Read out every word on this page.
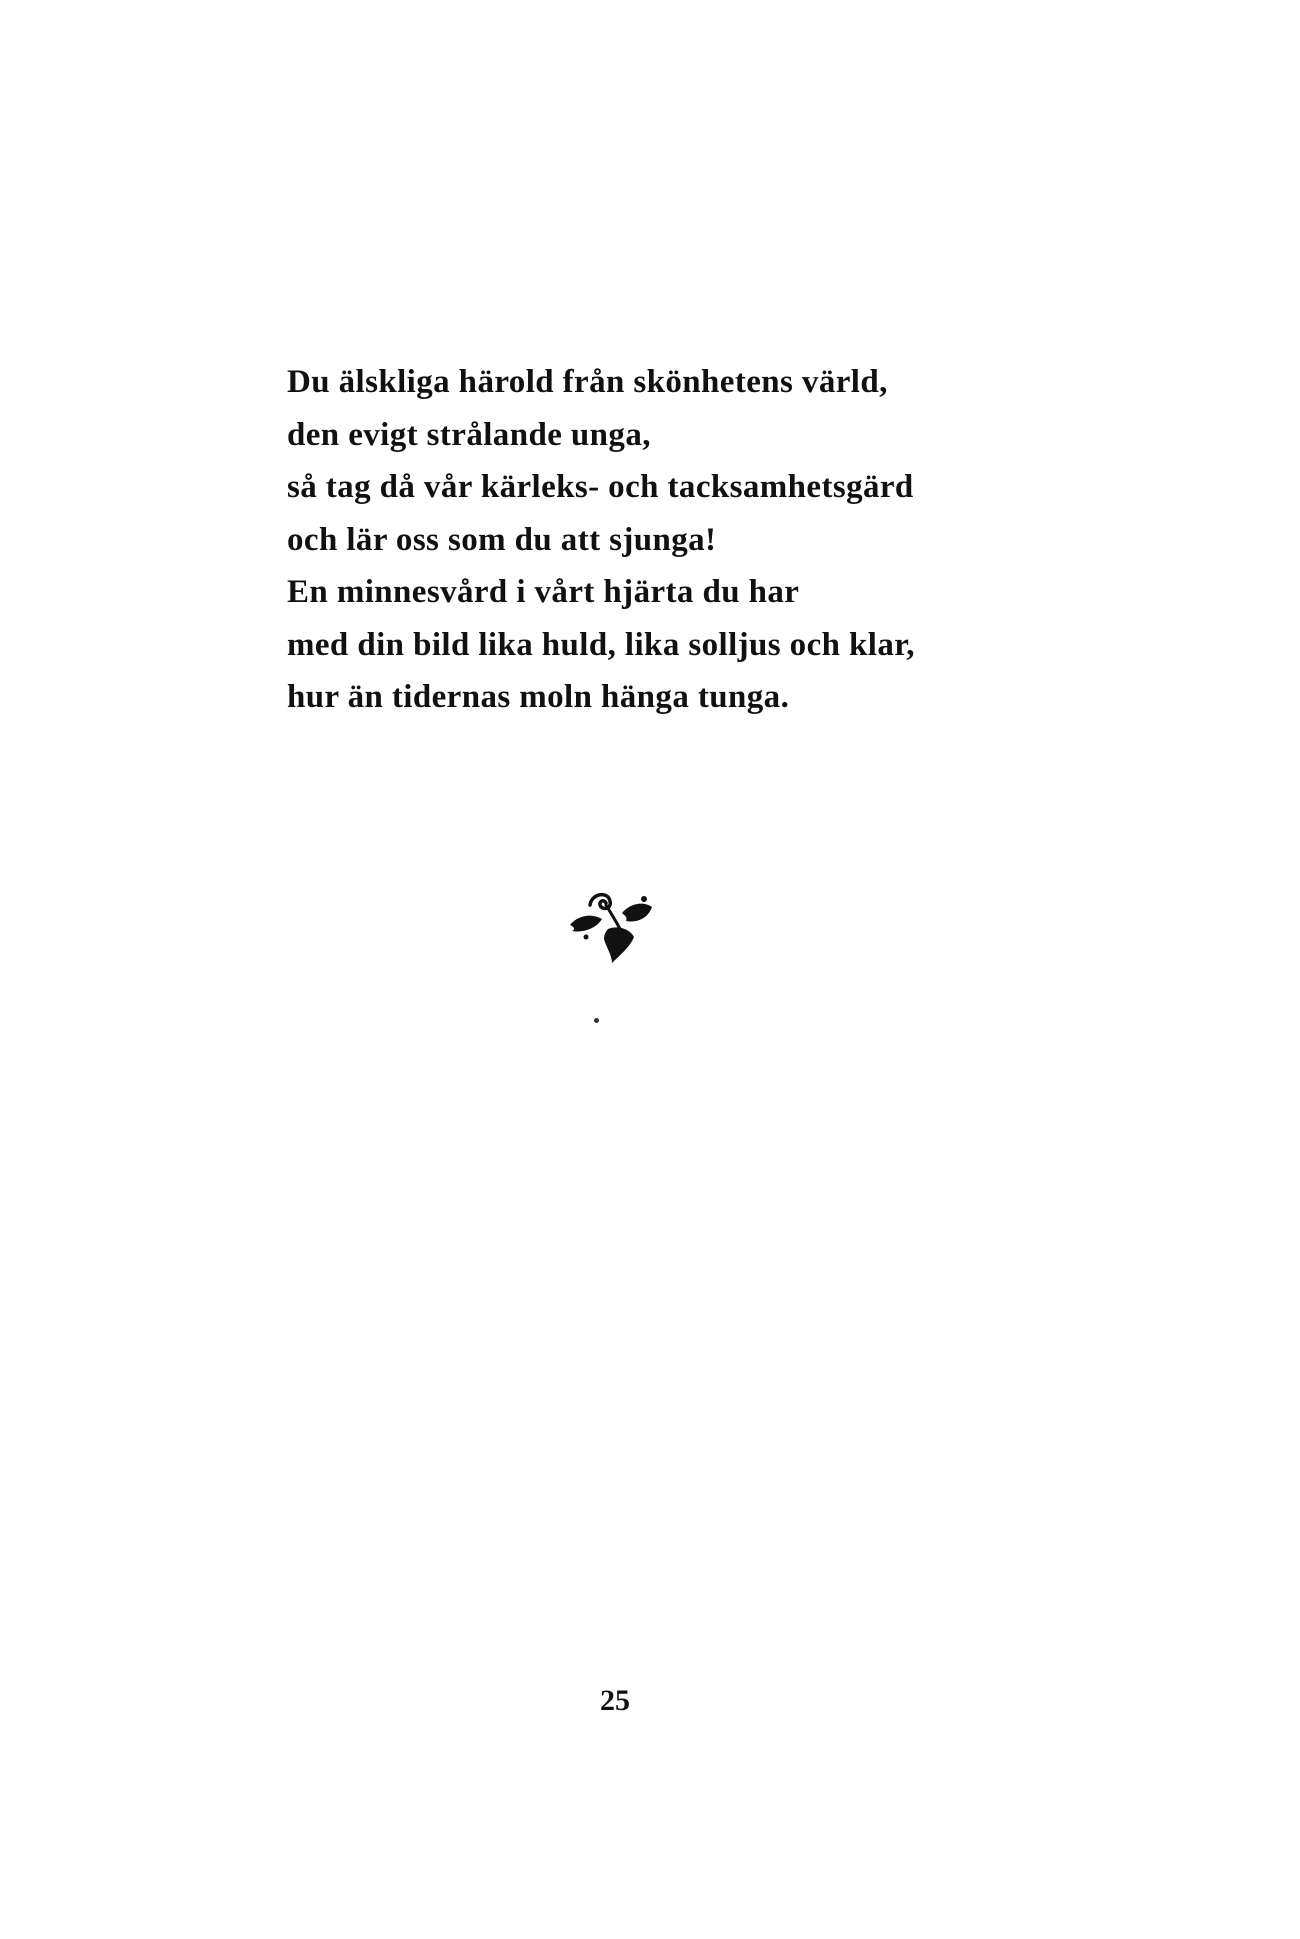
Du älskliga härold från skönhetens värld,
den evigt strålande unga,
så tag då vår kärleks- och tacksamhetsgärd
och lär oss som du att sjunga!
En minnesvård i vårt hjärta du har
med din bild lika huld, lika solljus och klar,
hur än tidernas moln hänga tunga.
25
